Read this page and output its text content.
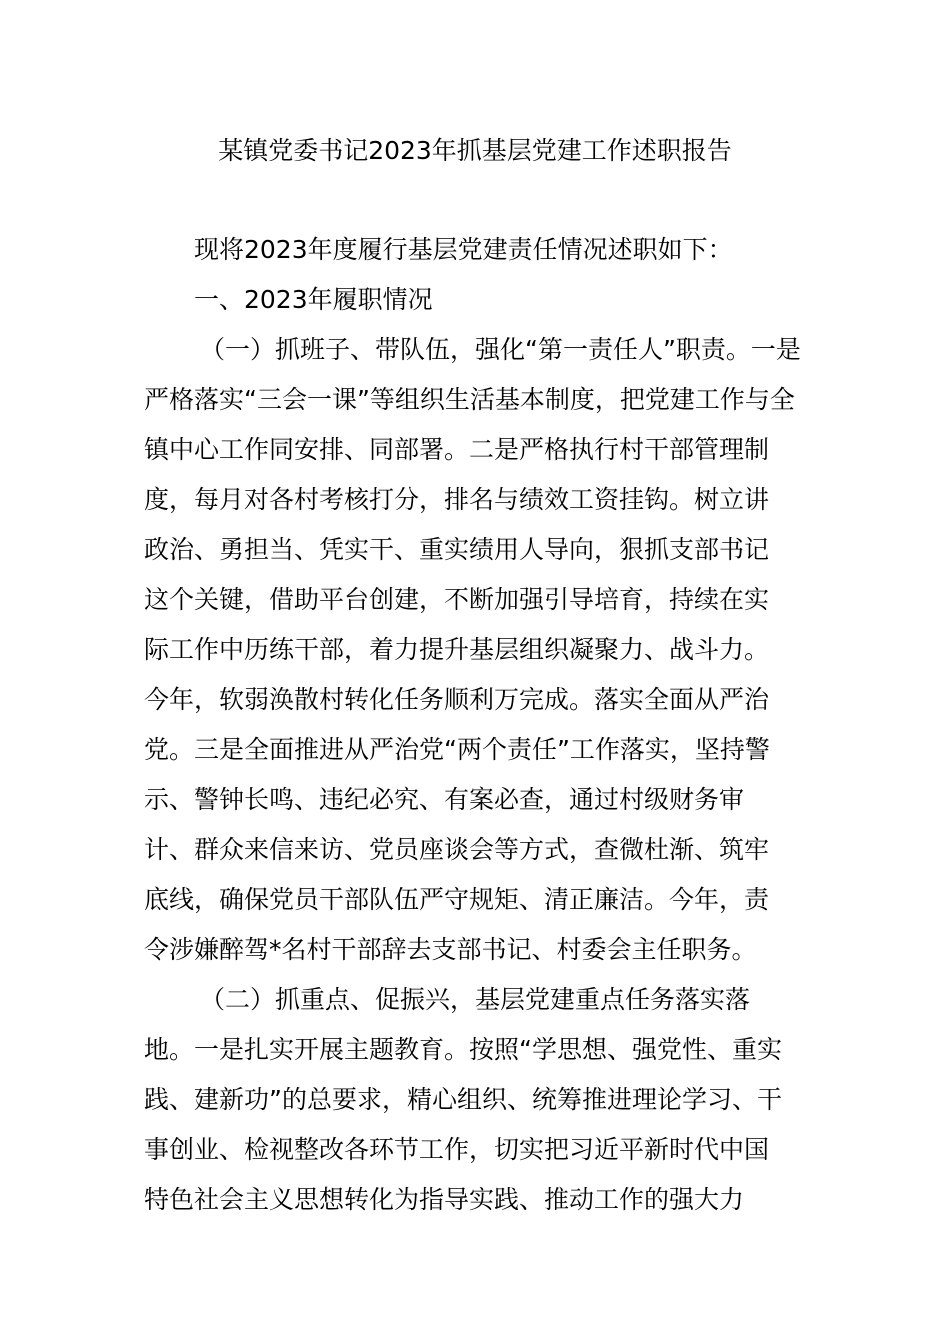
某镇党委书记2023年抓基层党建工作述职报告
现将2023年度履行基层党建责任情况述职如下：
一、2023年履职情况
（一）抓班子、带队伍，强化“第一责任人”职责。一是
严格落实“三会一课”等组织生活基本制度，把党建工作与全
镇中心工作同安排、同部署。二是严格执行村干部管理制
度，每月对各村考核打分，排名与绩效工资挂钩。树立讲
政治、勇担当、凭实干、重实绩用人导向，狠抓支部书记
这个关键，借助平台创建，不断加强引导培育，持续在实
际工作中历练干部，着力提升基层组织凝聚力、战斗力。
今年，软弱涣散村转化任务顺利万完成。落实全面从严治
党。三是全面推进从严治党“两个责任”工作落实，坚持警
示、警钟长鸣、违纪必究、有案必查，通过村级财务审
计、群众来信来访、党员座谈会等方式，查微杜渐、筑牢
底线，确保党员干部队伍严守规矩、清正廉洁。今年，责
令涉嫌醉驾*名村干部辞去支部书记、村委会主任职务。
（二）抓重点、促振兴，基层党建重点任务落实落
地。一是扎实开展主题教育。按照“学思想、强党性、重实
践、建新功”的总要求，精心组织、统筹推进理论学习、干
事创业、检视整改各环节工作，切实把习近平新时代中国
特色社会主义思想转化为指导实践、推动工作的强大力
